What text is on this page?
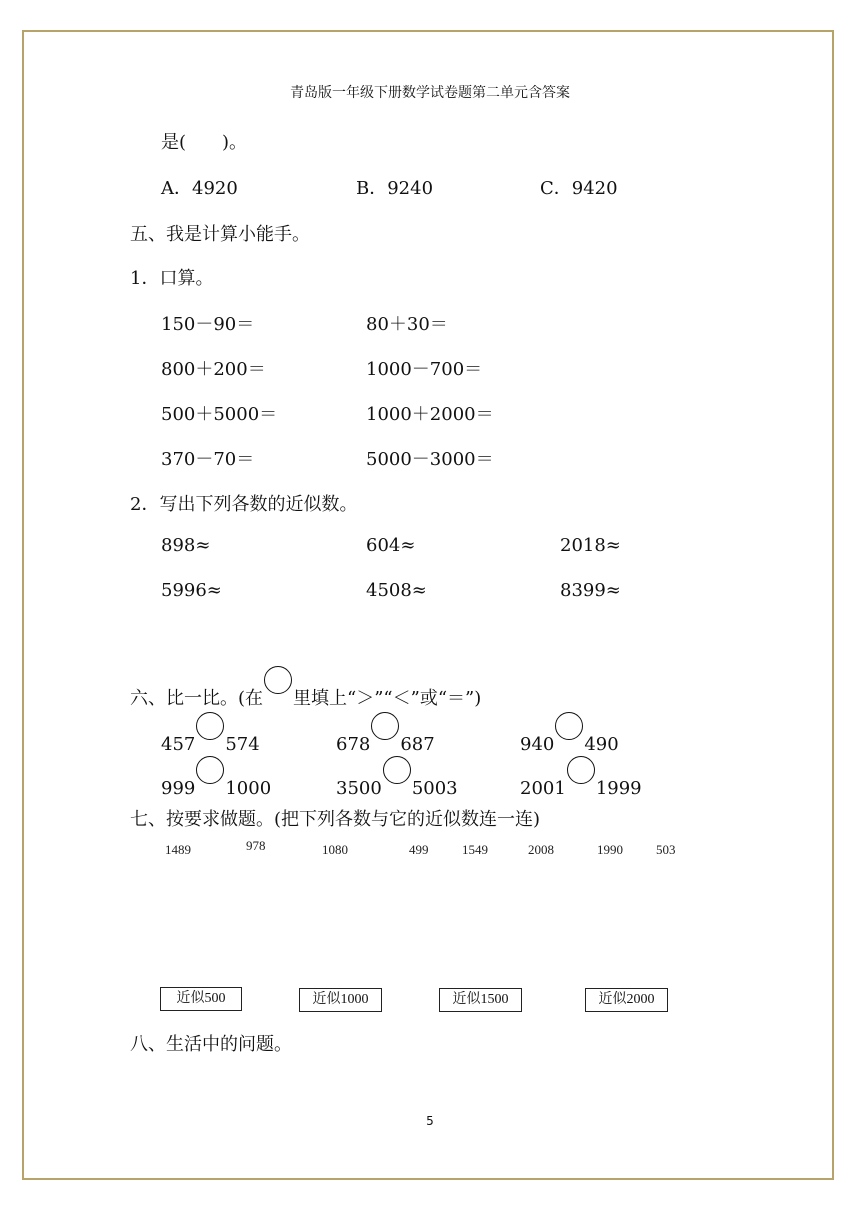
青岛版一年级下册数学试卷题第二单元含答案
是(　　)。
A．4920	B．9240	C．9420
五、我是计算小能手。
1．口算。
150－90＝	80＋30＝
800＋200＝	1000－700＝
500＋5000＝	1000＋2000＝
370－70＝	5000－3000＝
2．写出下列各数的近似数。
898≈	604≈	2018≈
5996≈	4508≈	8399≈
六、比一比。(在 里填上“＞”“＜”或“＝”)
457 574	678 687	940 490
999 1000	3500 5003	2001 1999
七、按要求做题。(把下列各数与它的近似数连一连)
1489	978	1080	499	1549	2008	1990	503
近似500	近似1000	近似1500	近似2000
八、生活中的问题。
5
